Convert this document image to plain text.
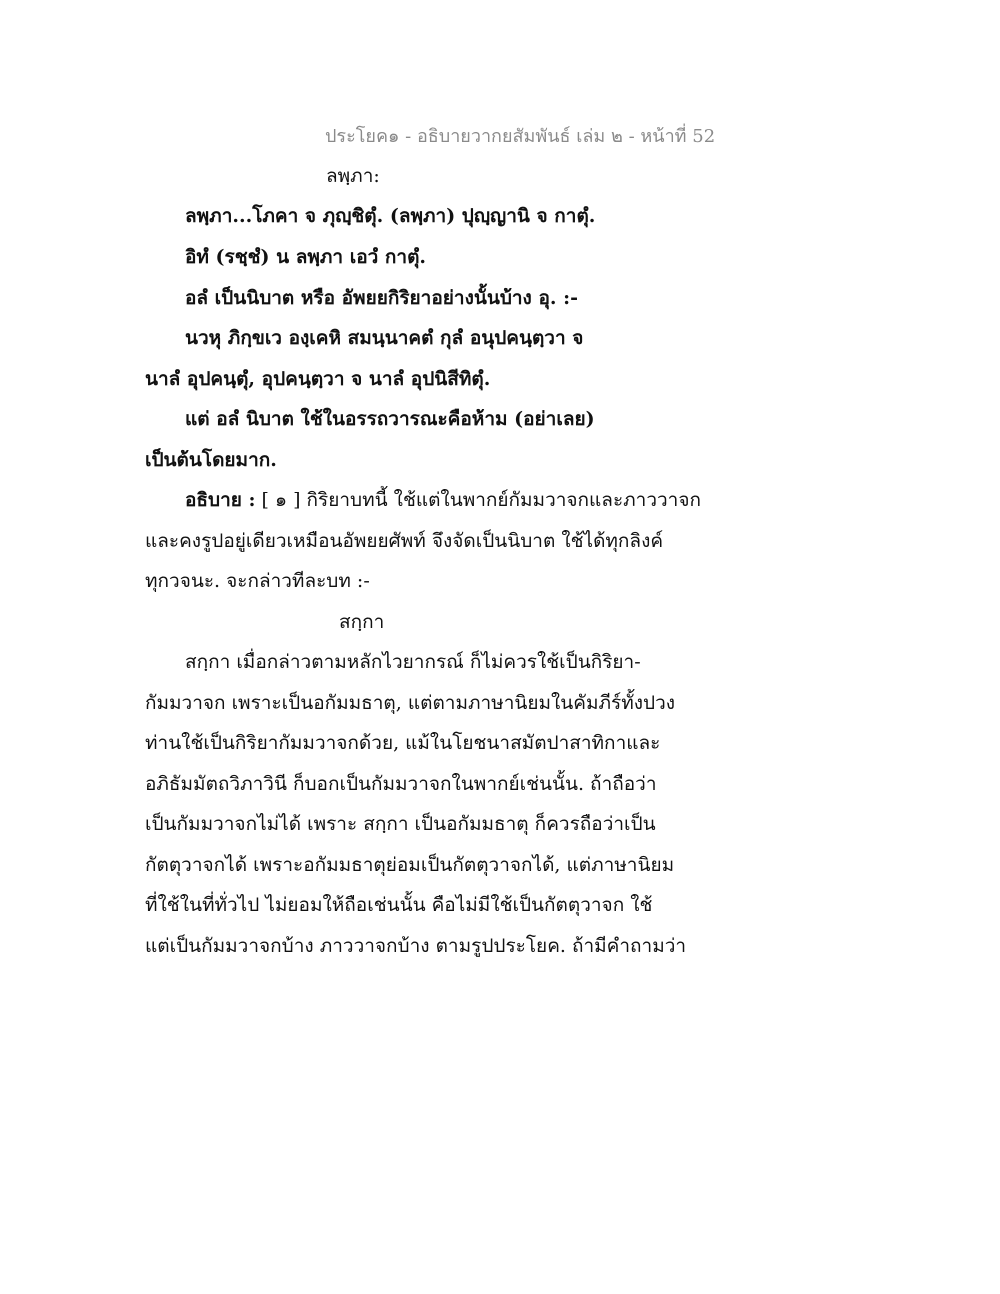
ประโยค๑ - อธิบายวากยสัมพันธ์ เล่ม ๒ - หน้าที่ 52
ลพฺภา:
ลพฺภา...โภคา จ ภุญฺชิตุํ. (ลพฺภา) ปุญฺญานิ จ กาตุํ.
อิทํ (รชฺชํ) น ลพฺภา เอวํ กาตุํ.
อลํ เป็นนิบาต หรือ อัพยยกิริยาอย่างนั้นบ้าง อุ. :-
นวหุ ภิกฺขเว องฺเคหิ สมนฺนาคตํ กุลํ อนุปคนฺตฺวา จ
นาลํ อุปคนฺตุํ, อุปคนฺตฺวา จ นาลํ อุปนิสีทิตุํ.
แต่ อลํ นิบาต ใช้ในอรรถวารณะคือห้าม (อย่าเลย)
เป็นต้นโดยมาก.
อธิบาย : [ ๑ ] กิริยาบทนี้ ใช้แต่ในพากย์กัมมวาจกและภาววาจก
และคงรูปอยู่เดียวเหมือนอัพยยศัพท์ จึงจัดเป็นนิบาต ใช้ได้ทุกลิงค์
ทุกวจนะ. จะกล่าวทีละบท :-
สกฺกา
สกฺกา เมื่อกล่าวตามหลักไวยากรณ์ ก็ไม่ควรใช้เป็นกิริยา-
กัมมวาจก เพราะเป็นอกัมมธาตุ, แต่ตามภาษานิยมในคัมภีร์ทั้งปวง
ท่านใช้เป็นกิริยากัมมวาจกด้วย, แม้ในโยชนาสมัตปาสาทิกาและ
อภิธัมมัตถวิภาวินี ก็บอกเป็นกัมมวาจกในพากย์เช่นนั้น. ถ้าถือว่า
เป็นกัมมวาจกไม่ได้ เพราะ สกฺกา เป็นอกัมมธาตุ ก็ควรถือว่าเป็น
กัตตุวาจกได้ เพราะอกัมมธาตุย่อมเป็นกัตตุวาจกได้, แต่ภาษานิยม
ที่ใช้ในที่ทั่วไป ไม่ยอมให้ถือเช่นนั้น คือไม่มีใช้เป็นกัตตุวาจก ใช้
แต่เป็นกัมมวาจกบ้าง ภาววาจกบ้าง ตามรูปประโยค. ถ้ามีคำถามว่า
